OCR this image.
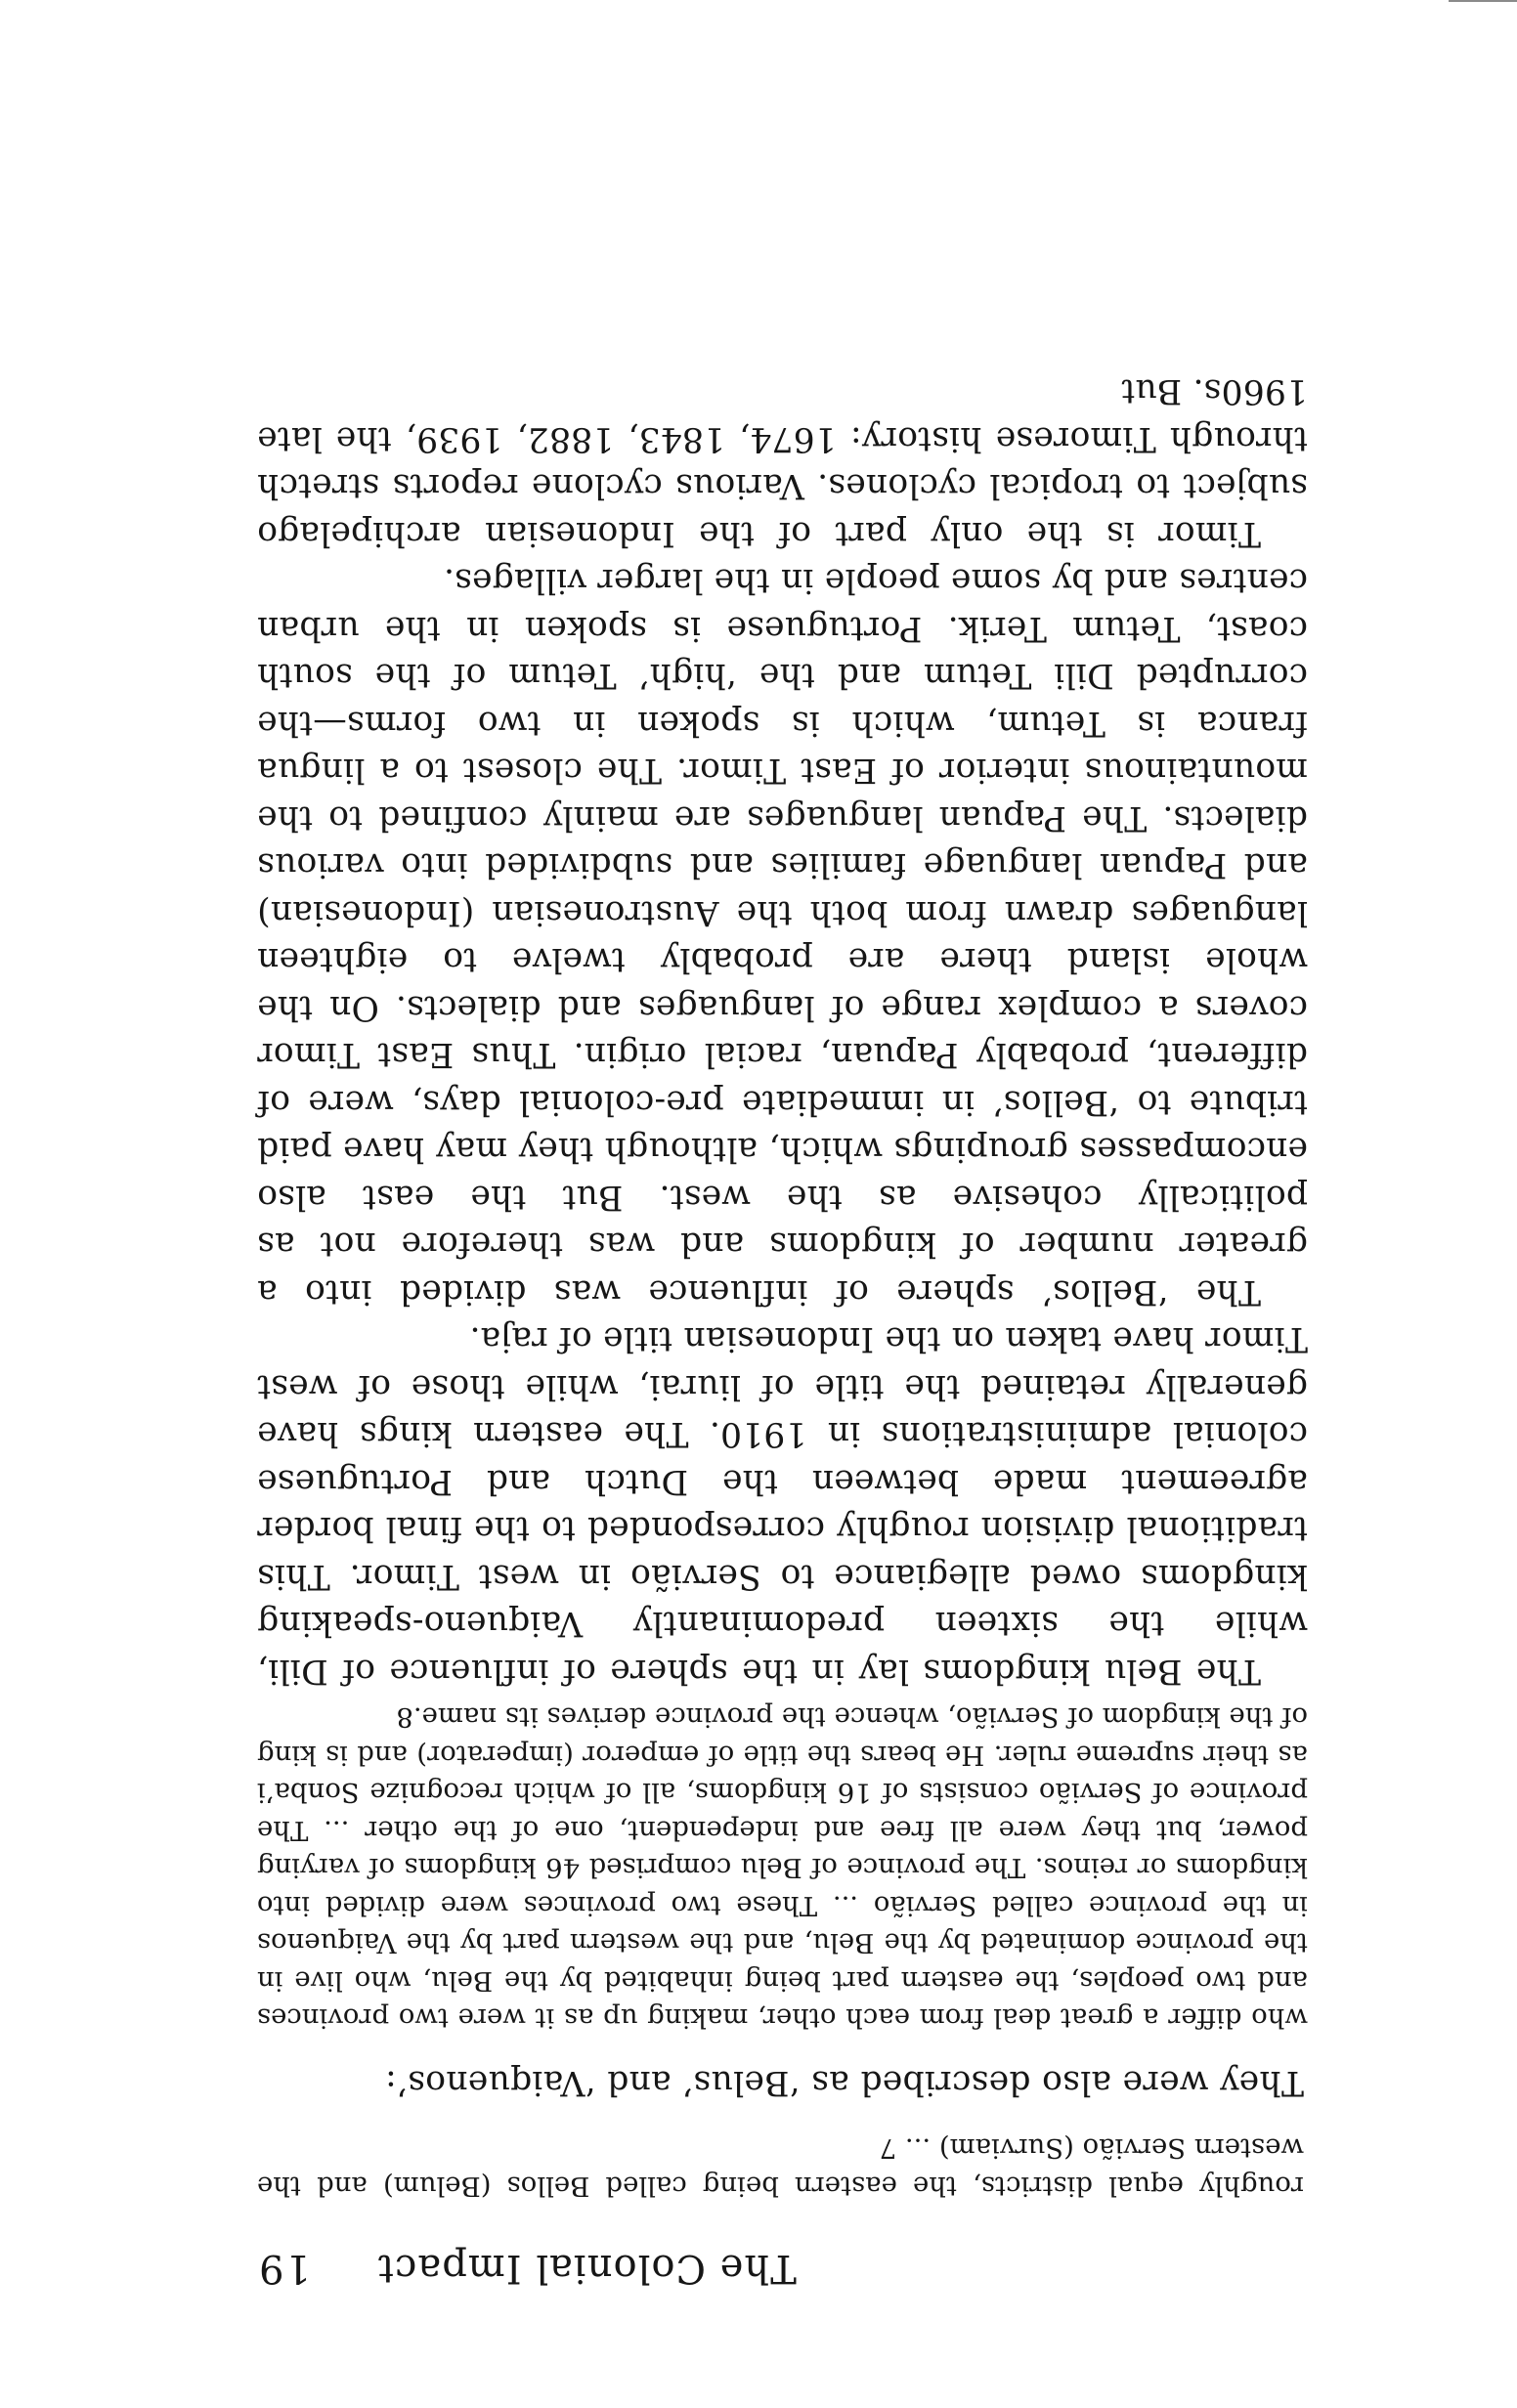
The Colonial Impact
19

roughly equal districts, the eastern being called Bellos (Belum) and the western Servião (Surviam) ... 7

They were also described as ‘Belus’ and ‘Vaiquenos’:

who differ a great deal from each other, making up as it were two provinces and two peoples, the eastern part being inhabited by the Belu, who live in the province dominated by the Belu, and the western part by the Vaiquenos in the province called Servião ... These two provinces were divided into kingdoms or reinos. The province of Belu comprised 46 kingdoms of varying power, but they were all free and independent, one of the other ... The province of Servião consists of 16 kingdoms, all of which recognize Sonba’i as their supreme ruler. He bears the title of emperor (imperator) and is king of the kingdom of Servião, whence the province derives its name.8

The Belu kingdoms lay in the sphere of influence of Dili, while the sixteen predominantly Vaiqueno-speaking kingdoms owed allegiance to Servião in west Timor. This traditional division roughly corresponded to the final border agreement made between the Dutch and Portuguese colonial administrations in 1910. The eastern kings have generally retained the title of liurai, while those of west Timor have taken on the Indonesian title of raja.

The ‘Bellos’ sphere of influence was divided into a greater number of kingdoms and was therefore not as politically cohesive as the west. But the east also encompasses groupings which, although they may have paid tribute to ‘Bellos’ in immediate pre-colonial days, were of different, probably Papuan, racial origin. Thus East Timor covers a complex range of languages and dialects. On the whole island there are probably twelve to eighteen languages drawn from both the Austronesian (Indonesian) and Papuan language families and subdivided into various dialects. The Papuan languages are mainly confined to the mountainous interior of East Timor. The closest to a lingua franca is Tetum, which is spoken in two forms—the corrupted Dili Tetum and the ‘high’ Tetum of the south coast, Tetum Terik. Portuguese is spoken in the urban centres and by some people in the larger villages.

Timor is the only part of the Indonesian archipelago subject to tropical cyclones. Various cyclone reports stretch through Timorese history: 1674, 1843, 1882, 1939, the late 1960s. But
